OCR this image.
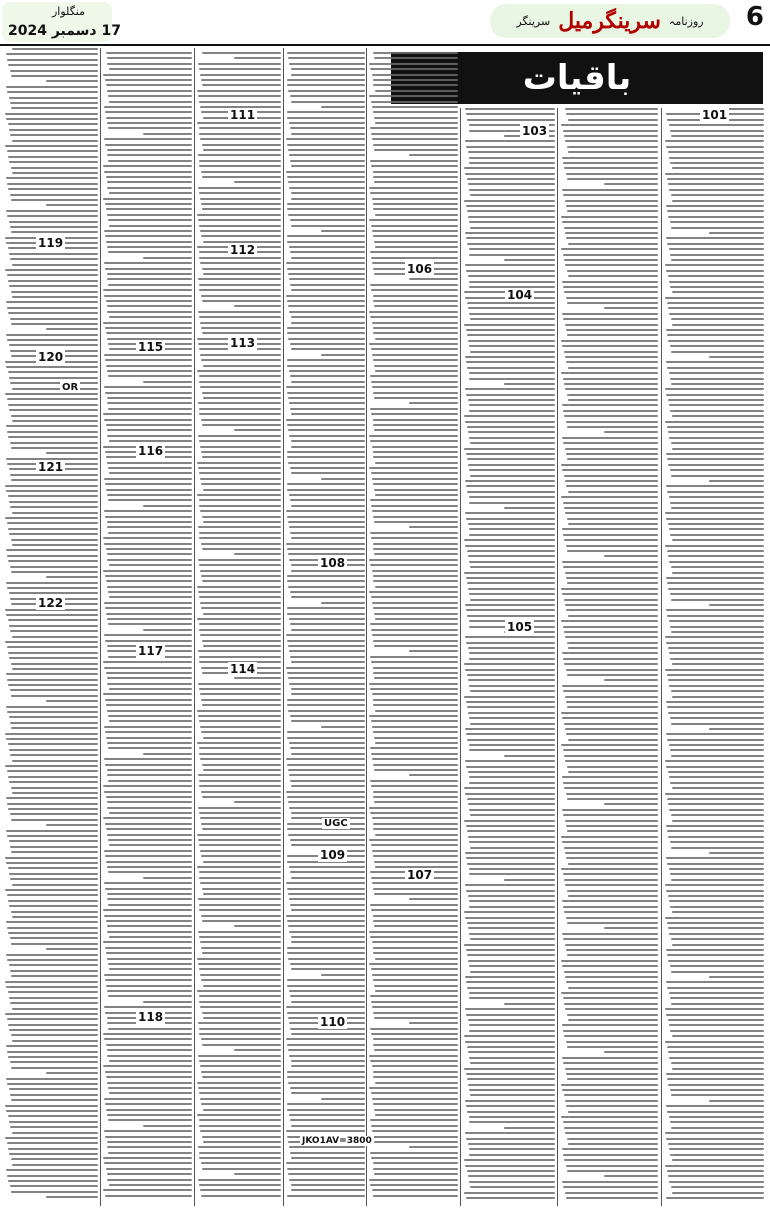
6
روزنامہ
سرینگرمیل
سرینگر
منگلوار
17 دسمبر 2024
باقیات
101
103
104
105
106
107
108
109
110
111
112
113
114
115
116
117
118
119
120
121
122
UGC
OR
JKO1AV=3800
